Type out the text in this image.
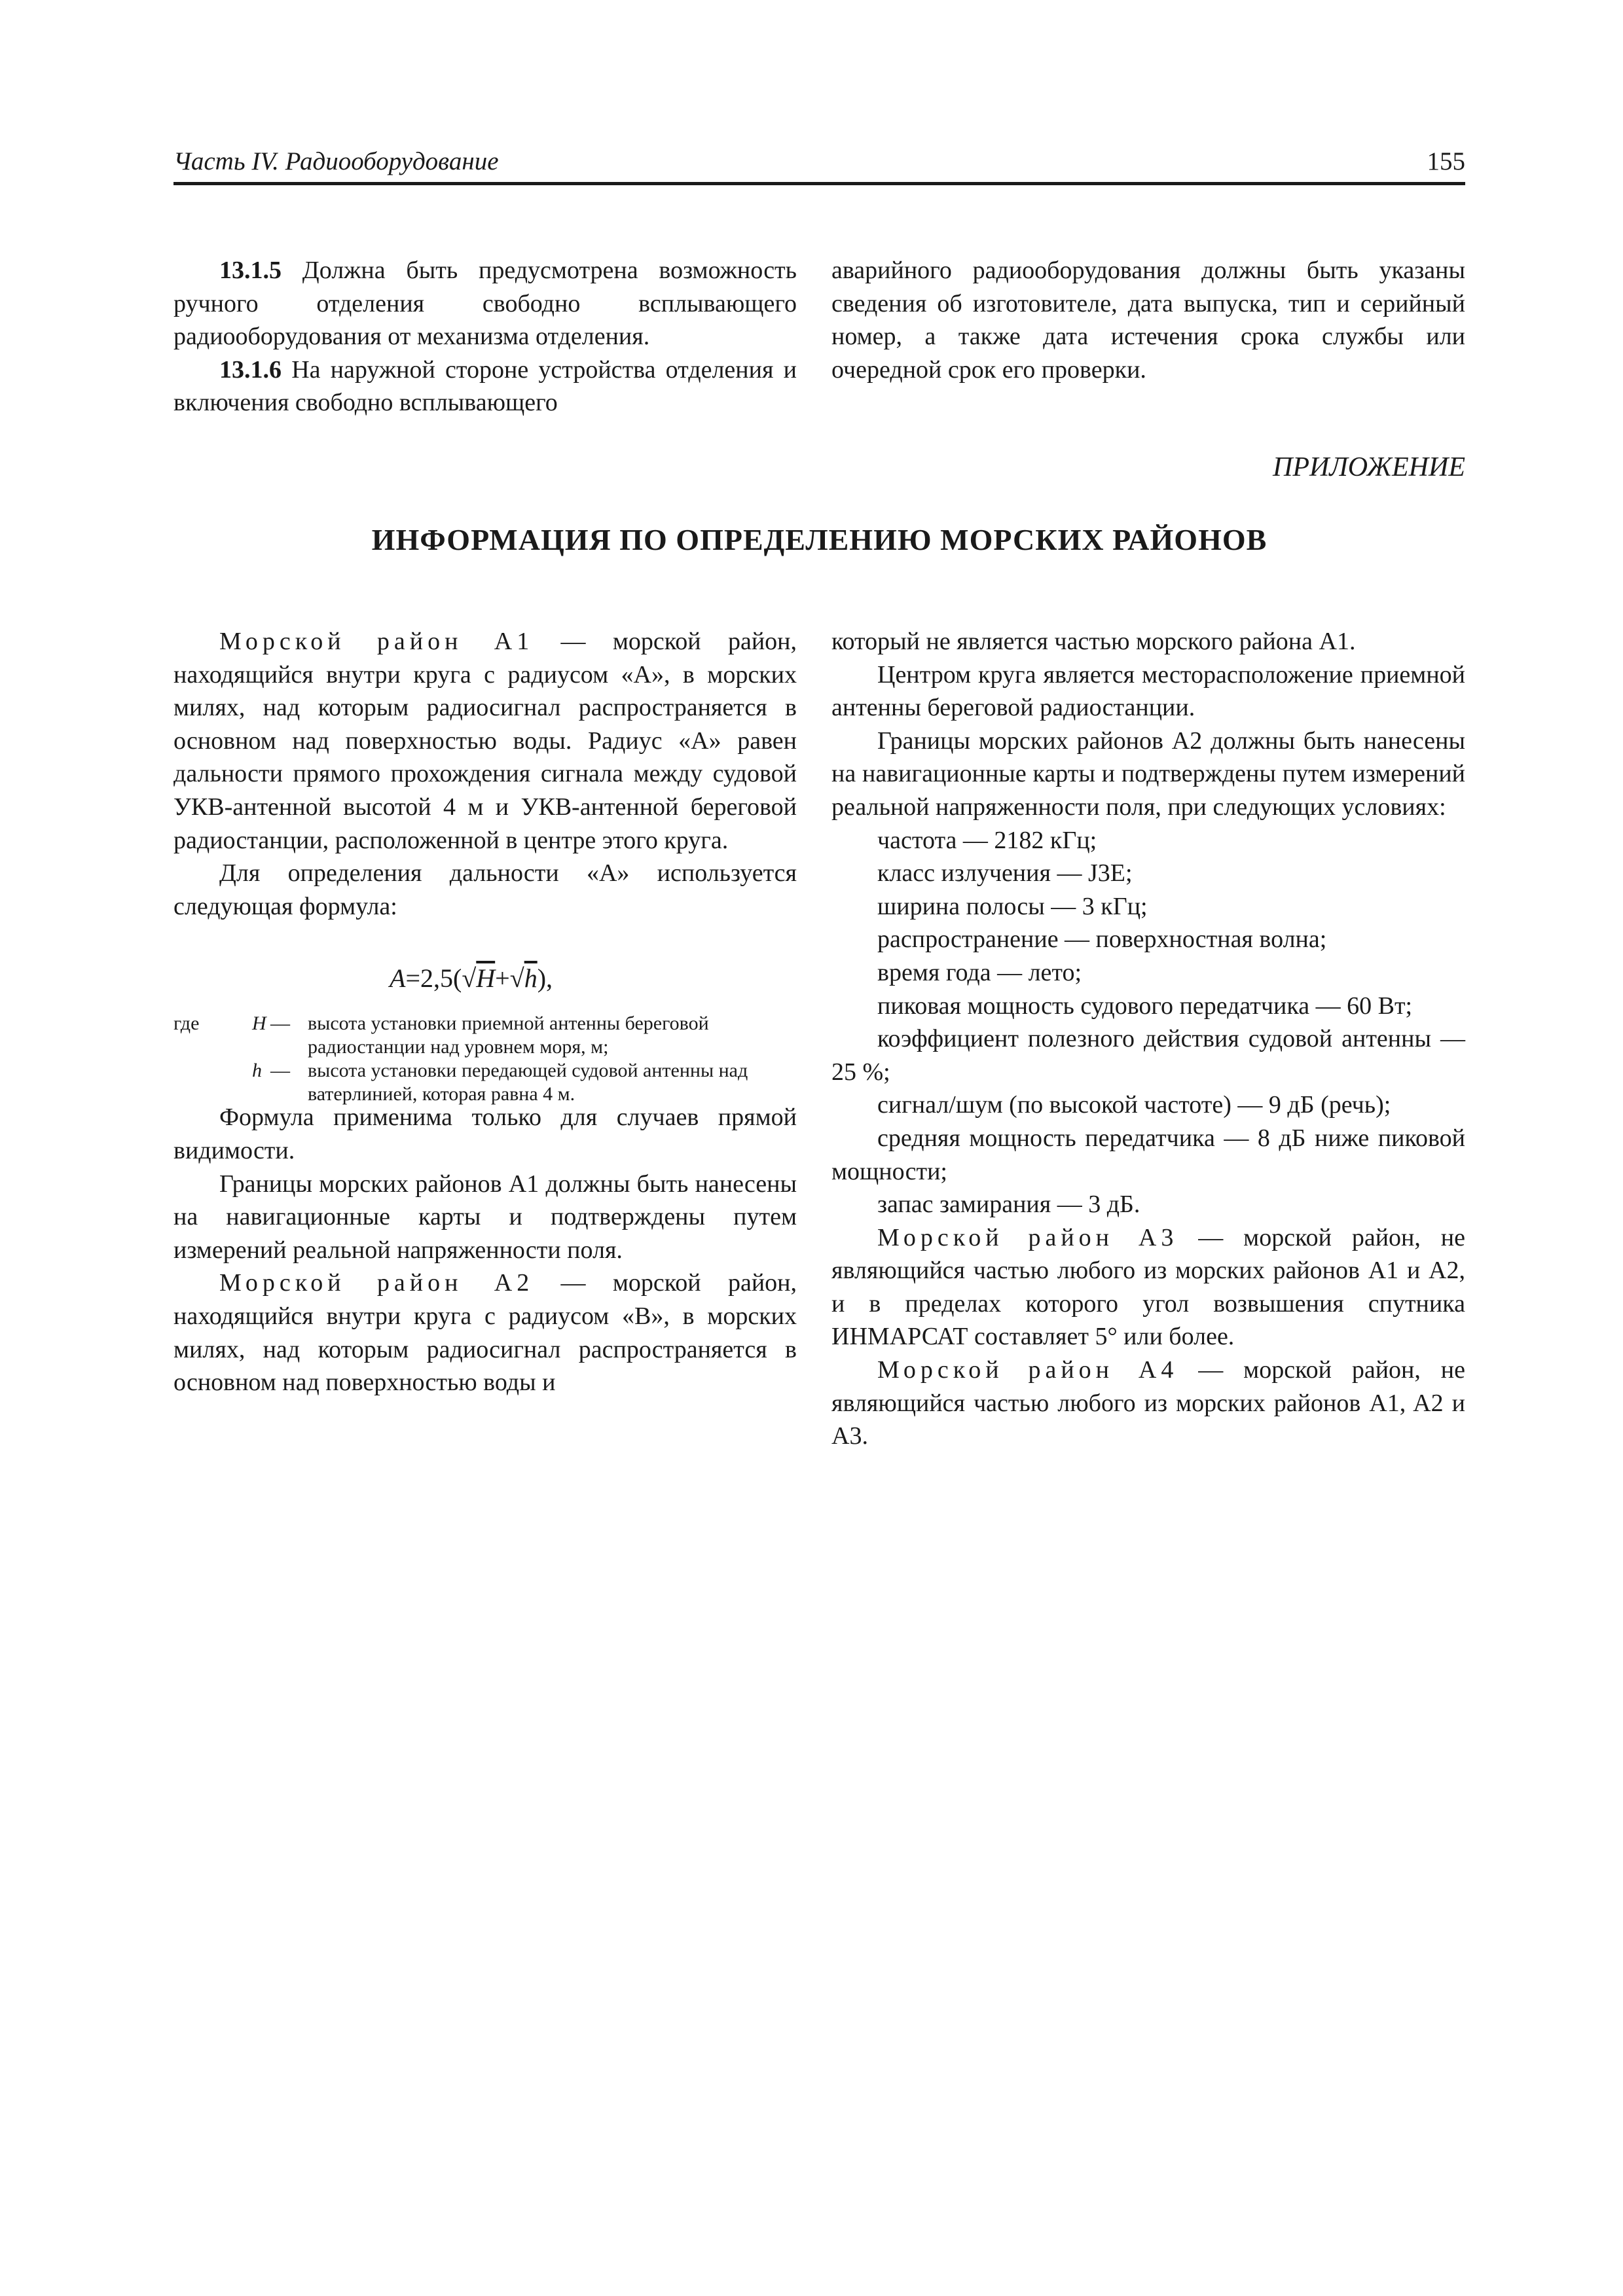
Часть IV. Радиооборудование	155

13.1.5 Должна быть предусмотрена возможность ручного отделения свободно всплывающего радиооборудования от механизма отделения.

13.1.6 На наружной стороне устройства отделения и включения свободно всплывающего

аварийного радиооборудования должны быть указаны сведения об изготовителе, дата выпуска, тип и серийный номер, а также дата истечения срока службы или очередной срок его проверки.

ПРИЛОЖЕНИЕ
ИНФОРМАЦИЯ ПО ОПРЕДЕЛЕНИЮ МОРСКИХ РАЙОНОВ

Морской район A1 — морской район, находящийся внутри круга с радиусом «А», в морских милях, над которым радиосигнал распространяется в основном над поверхностью воды. Радиус «А» равен дальности прямого прохождения сигнала между судовой УКВ-антенной высотой 4 м и УКВ-антенной береговой радиостанции, расположенной в центре этого круга.

Для определения дальности «А» используется следующая формула:

A=2,5(√H+√h),
где	H — высота установки приемной антенны береговой радиостанции над уровнем моря, м;
h — высота установки передающей судовой антенны над ватерлинией, которая равна 4 м.

Формула применима только для случаев прямой видимости.

Границы морских районов A1 должны быть нанесены на навигационные карты и подтверждены путем измерений реальной напряженности поля.

Морской район A2 — морской район, находящийся внутри круга с радиусом «В», в морских милях, над которым радиосигнал распространяется в основном над поверхностью воды и

который не является частью морского района A1.

Центром круга является месторасположение приемной антенны береговой радиостанции.

Границы морских районов A2 должны быть нанесены на навигационные карты и подтверждены путем измерений реальной напряженности поля, при следующих условиях:

частота — 2182 кГц;

класс излучения — J3E;

ширина полосы — 3 кГц;

распространение — поверхностная волна;

время года — лето;

пиковая мощность судового передатчика — 60 Вт;

коэффициент полезного действия судовой антенны — 25 %;

сигнал/шум (по высокой частоте) — 9 дБ (речь);

средняя мощность передатчика — 8 дБ ниже пиковой мощности;

запас замирания — 3 дБ.

Морской район A3 — морской район, не являющийся частью любого из морских районов A1 и A2, и в пределах которого угол возвышения спутника ИНМАРСАТ составляет 5° или более.

Морской район A4 — морской район, не являющийся частью любого из морских районов A1, A2 и A3.
